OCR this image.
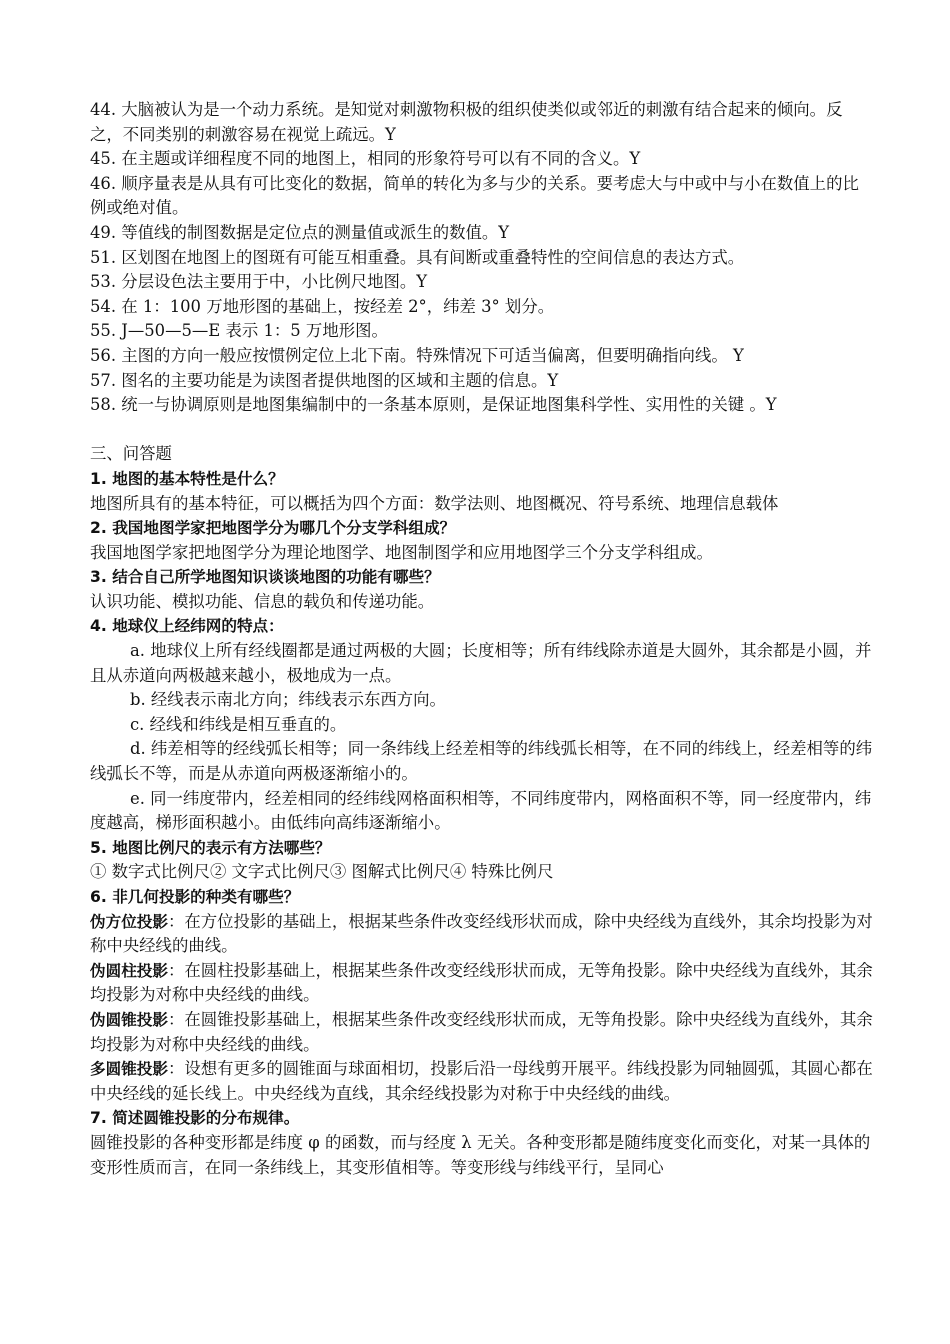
44. 大脑被认为是一个动力系统。是知觉对刺激物积极的组织使类似或邻近的刺激有结合起来的倾向。反之，不同类别的刺激容易在视觉上疏远。Y
45. 在主题或详细程度不同的地图上，相同的形象符号可以有不同的含义。Y
46. 顺序量表是从具有可比变化的数据，简单的转化为多与少的关系。要考虑大与中或中与小在数值上的比例或绝对值。
49. 等值线的制图数据是定位点的测量值或派生的数值。Y
51. 区划图在地图上的图斑有可能互相重叠。具有间断或重叠特性的空间信息的表达方式。
53. 分层设色法主要用于中，小比例尺地图。Y
54. 在 1：100 万地形图的基础上，按经差 2°，纬差 3° 划分。
55. J—50—5—E 表示 1：5 万地形图。
56. 主图的方向一般应按惯例定位上北下南。特殊情况下可适当偏离，但要明确指向线。 Y
57. 图名的主要功能是为读图者提供地图的区域和主题的信息。Y
58. 统一与协调原则是地图集编制中的一条基本原则，是保证地图集科学性、实用性的关键 。Y
三、问答题
1. 地图的基本特性是什么？
地图所具有的基本特征，可以概括为四个方面：数学法则、地图概况、符号系统、地理信息载体
2. 我国地图学家把地图学分为哪几个分支学科组成？
我国地图学家把地图学分为理论地图学、地图制图学和应用地图学三个分支学科组成。
3. 结合自己所学地图知识谈谈地图的功能有哪些？
认识功能、模拟功能、信息的载负和传递功能。
4. 地球仪上经纬网的特点：
a. 地球仪上所有经线圈都是通过两极的大圆；长度相等；所有纬线除赤道是大圆外，其余都是小圆，并且从赤道向两极越来越小，极地成为一点。
b. 经线表示南北方向；纬线表示东西方向。
c. 经线和纬线是相互垂直的。
d. 纬差相等的经线弧长相等；同一条纬线上经差相等的纬线弧长相等，在不同的纬线上，经差相等的纬线弧长不等，而是从赤道向两极逐渐缩小的。
e. 同一纬度带内，经差相同的经纬线网格面积相等，不同纬度带内，网格面积不等，同一经度带内，纬度越高，梯形面积越小。由低纬向高纬逐渐缩小。
5. 地图比例尺的表示有方法哪些？
① 数字式比例尺② 文字式比例尺③ 图解式比例尺④ 特殊比例尺
6. 非几何投影的种类有哪些？
伪方位投影：在方位投影的基础上，根据某些条件改变经线形状而成，除中央经线为直线外，其余均投影为对称中央经线的曲线。
伪圆柱投影：在圆柱投影基础上，根据某些条件改变经线形状而成，无等角投影。除中央经线为直线外，其余均投影为对称中央经线的曲线。
伪圆锥投影：在圆锥投影基础上，根据某些条件改变经线形状而成，无等角投影。除中央经线为直线外，其余均投影为对称中央经线的曲线。
多圆锥投影：设想有更多的圆锥面与球面相切，投影后沿一母线剪开展平。纬线投影为同轴圆弧，其圆心都在中央经线的延长线上。中央经线为直线，其余经线投影为对称于中央经线的曲线。
7. 简述圆锥投影的分布规律。
圆锥投影的各种变形都是纬度 φ 的函数，而与经度 λ 无关。各种变形都是随纬度变化而变化，对某一具体的变形性质而言，在同一条纬线上，其变形值相等。等变形线与纬线平行，呈同心
